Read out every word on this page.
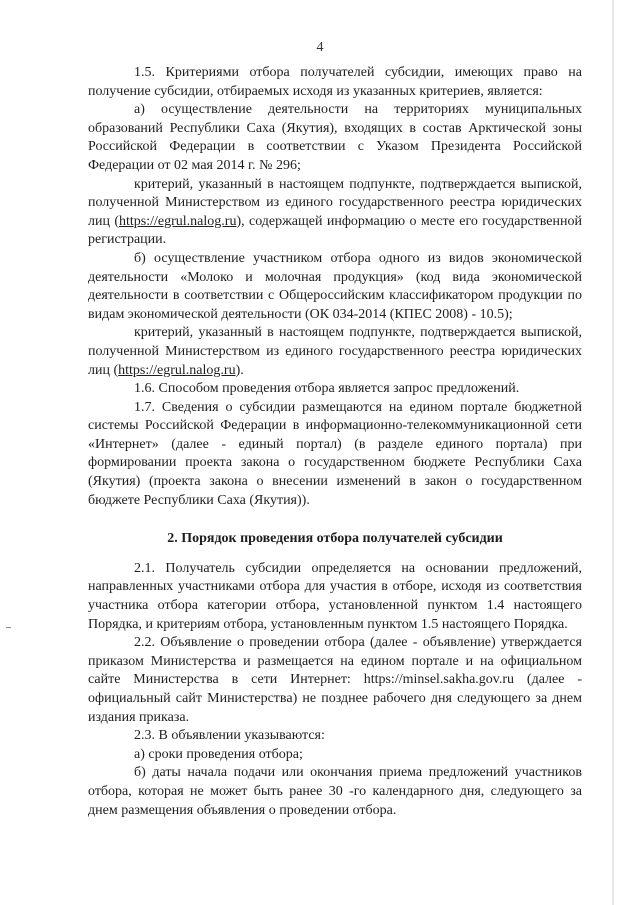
4

1.5. Критериями отбора получателей субсидии, имеющих право на получение субсидии, отбираемых исходя из указанных критериев, является:

а) осуществление деятельности на территориях муниципальных образований Республики Саха (Якутия), входящих в состав Арктической зоны Российской Федерации в соответствии с Указом Президента Российской Федерации от 02 мая 2014 г. № 296;

критерий, указанный в настоящем подпункте, подтверждается выпиской, полученной Министерством из единого государственного реестра юридических лиц (https://egrul.nalog.ru), содержащей информацию о месте его государственной регистрации.

б) осуществление участником отбора одного из видов экономической деятельности «Молоко и молочная продукция» (код вида экономической деятельности в соответствии с Общероссийским классификатором продукции по видам экономической деятельности (ОК 034-2014 (КПЕС 2008) - 10.5);

критерий, указанный в настоящем подпункте, подтверждается выпиской, полученной Министерством из единого государственного реестра юридических лиц (https://egrul.nalog.ru).

1.6. Способом проведения отбора является запрос предложений.

1.7. Сведения о субсидии размещаются на едином портале бюджетной системы Российской Федерации в информационно-телекоммуникационной сети «Интернет» (далее - единый портал) (в разделе единого портала) при формировании проекта закона о государственном бюджете Республики Саха (Якутия) (проекта закона о внесении изменений в закон о государственном бюджете Республики Саха (Якутия)).

2. Порядок проведения отбора получателей субсидии

2.1. Получатель субсидии определяется на основании предложений, направленных участниками отбора для участия в отборе, исходя из соответствия участника отбора категории отбора, установленной пунктом 1.4 настоящего Порядка, и критериям отбора, установленным пунктом 1.5 настоящего Порядка.

2.2. Объявление о проведении отбора (далее - объявление) утверждается приказом Министерства и размещается на едином портале и на официальном сайте Министерства в сети Интернет: https://minsel.sakha.gov.ru (далее - официальный сайт Министерства) не позднее рабочего дня следующего за днем издания приказа.

2.3. В объявлении указываются:

а) сроки проведения отбора;

б) даты начала подачи или окончания приема предложений участников отбора, которая не может быть ранее 30 -го календарного дня, следующего за днем размещения объявления о проведении отбора.
